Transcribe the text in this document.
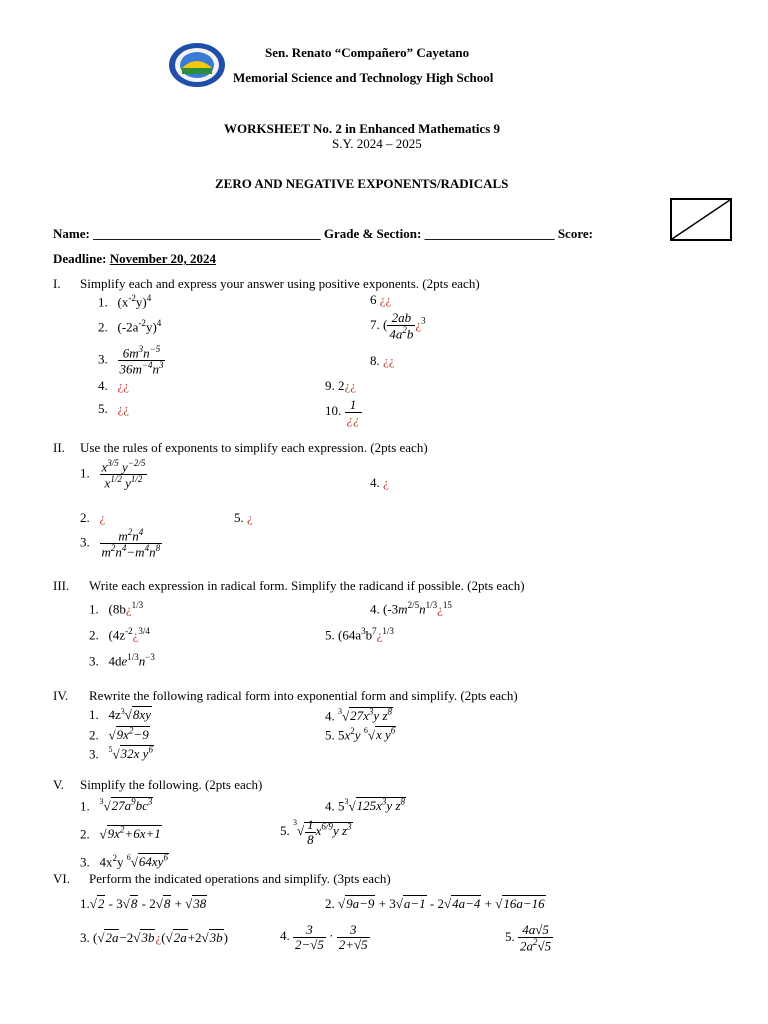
Sen. Renato “Compañero” Cayetano
Memorial Science and Technology High School
WORKSHEET No. 2 in Enhanced Mathematics 9
S.Y. 2024 – 2025
ZERO AND NEGATIVE EXPONENTS/RADICALS
Name: ___________________________________ Grade & Section: ____________________ Score:
Deadline: November 20, 2024
I. Simplify each and express your answer using positive exponents. (2pts each)
1.   $(x^{-2}y)^4$
2.   $(-2a^{-2}y)^4$
3. $\frac{6m^3n^{-5}}{36m^{-4}n^3}$
4. ¿¿
5. ¿¿
6 ¿¿
7. ( $\frac{2ab}{4a^2b}$ ¿$^3$
8. ¿¿
9. 2¿¿
10. $\frac{1}{¿¿}$
II. Use the rules of exponents to simplify each expression. (2pts each)
1. $\frac{x^{3/5} y^{-2/5}}{x^{1/2} y^{1/2}}$
2. ¿
3. $\frac{m^2n^4}{m^2n^4-m^4n^8}$
4. ¿
5. ¿
III. Write each expression in radical form. Simplify the radicand if possible. (2pts each)
1.   (8b¿$^{1/3}$
2.   ($4z^{-2}¿^{3/4}$
3.   $4de^{1/3}n^{-3}$
4. ($-3m^{2/5}n^{1/3}¿^{15}$
5. ($64a^3b^7¿^{1/3}$
IV. Rewrite the following radical form into exponential form and simplify. (2pts each)
1.   $4z^3√8xy$
2.   $√9x^2-9$
3. $^5$√32x $y^6$
4. $^3√27x^3y$ $z^8$
5. $5x^2y$ $^6$√x $y^6$
V. Simplify the following. (2pts each)
1. $^3√27a^9bc^3$
2.   $√9x^2+6x+1$
3.   $4x^2y$ $^6√64xy^6$
4. $5^3√125x^3y$ $z^8$
5. $^3√ \frac{1}{8} x^{6/9}y$ $z^3$
VI. Perform the indicated operations and simplify. (3pts each)
1.√2 - 3√8 - 2√8 + √38	2. √9a−9 + 3√a−1 - 2√4a−4 + √16a−16
3. (√2a−2√3b¿(√2a+2√3b)	4. $\frac{3}{2-√5} \cdot \frac{3}{2+√5}$	5. $\frac{4a√5}{2a^2√5}$
